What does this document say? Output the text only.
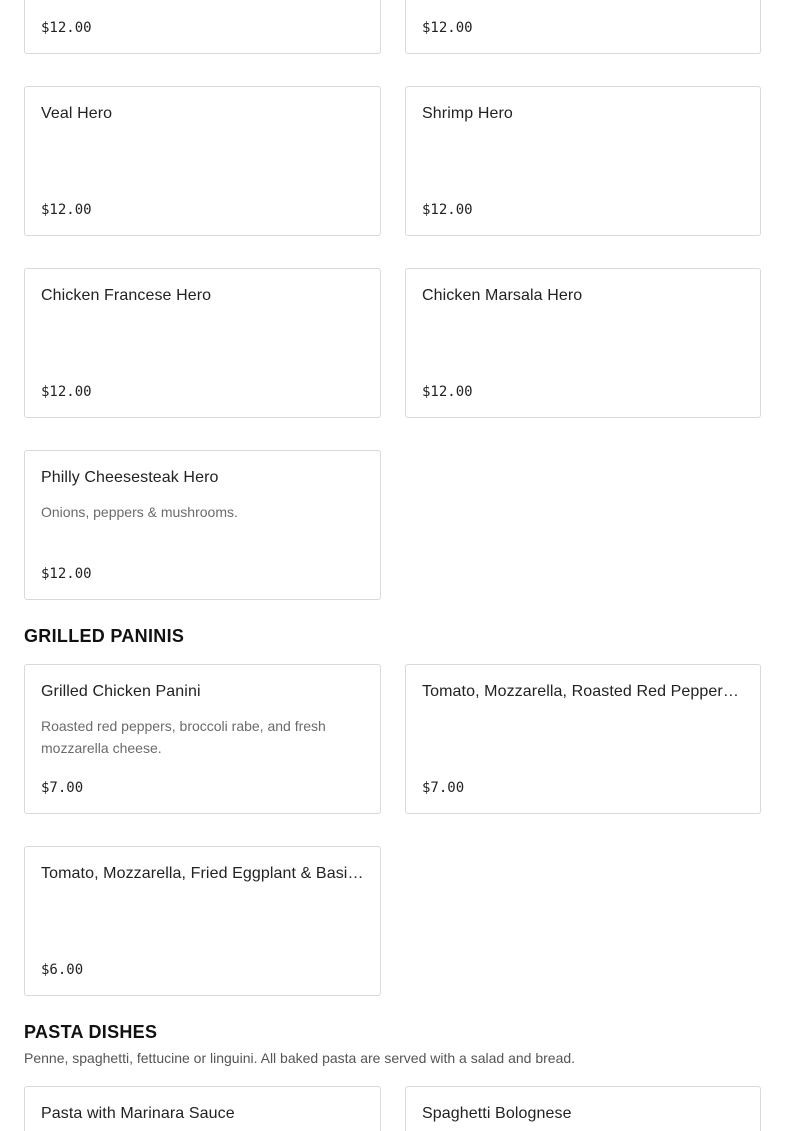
$12.00	$12.00
Veal Hero
$12.00
Shrimp Hero
$12.00
Chicken Francese Hero
$12.00
Chicken Marsala Hero
$12.00
Philly Cheesesteak Hero
Onions, peppers & mushrooms.
$12.00
GRILLED PANINIS
Grilled Chicken Panini
Roasted red peppers, broccoli rabe, and fresh mozzarella cheese.
$7.00
Tomato, Mozzarella, Roasted Red Pepper…
$7.00
Tomato, Mozzarella, Fried Eggplant & Basi…
$6.00
PASTA DISHES
Penne, spaghetti, fettucine or linguini. All baked pasta are served with a salad and bread.
Pasta with Marinara Sauce	Spaghetti Bolognese
